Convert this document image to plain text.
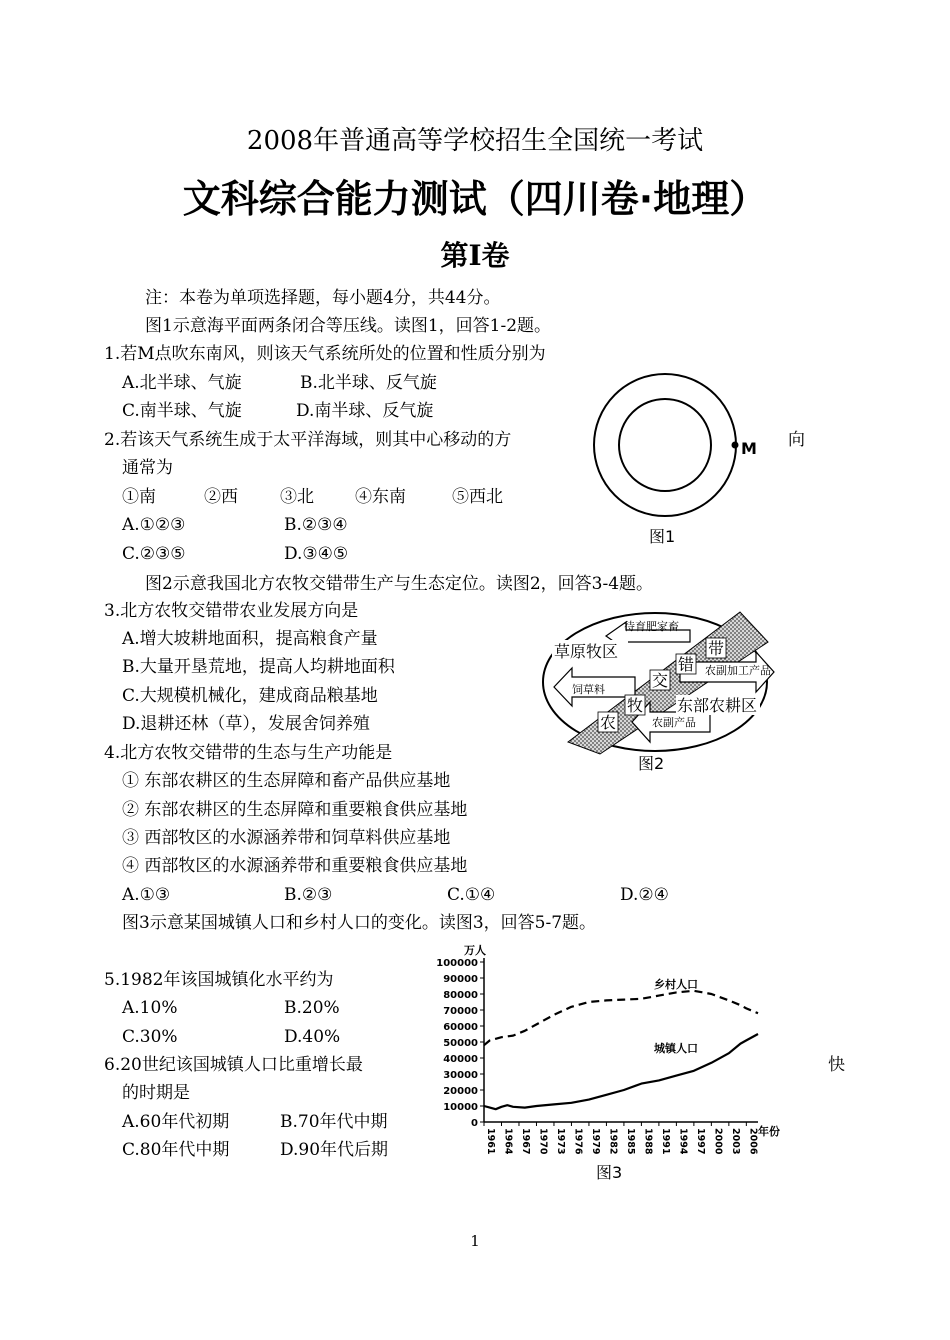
2008年普通高等学校招生全国统一考试
文科综合能力测试（四川卷·地理）
第I卷
注：本卷为单项选择题，每小题4分，共44分。
图1示意海平面两条闭合等压线。读图1，回答1-2题。
1.若M点吹东南风，则该天气系统所处的位置和性质分别为
A.北半球、气旋	B.北半球、反气旋
C.南半球、气旋	D.南半球、反气旋
2.若该天气系统生成于太平洋海域，则其中心移动的方	向
通常为
①南	②西 ③北 ④东南	⑤西北
A.①②③	B.②③④
C.②③⑤	D.③④⑤
M
图1
图2示意我国北方农牧交错带生产与生态定位。读图2，回答3-4题。
3.北方农牧交错带农业发展方向是
A.增大坡耕地面积，提高粮食产量
B.大量开垦荒地，提高人均耕地面积
C.大规模机械化，建成商品粮基地
D.退耕还林（草），发展舍饲养殖
待育肥家畜
农副加工产品
饲草料
农副产品
草原牧区
东部农耕区
农
牧
交
错
带
图2
4.北方农牧交错带的生态与生产功能是
① 东部农耕区的生态屏障和畜产品供应基地
② 东部农耕区的生态屏障和重要粮食供应基地
③ 西部牧区的水源涵养带和饲草料供应基地
④ 西部牧区的水源涵养带和重要粮食供应基地
A.①③	B.②③	C.①④	D.②④
图3示意某国城镇人口和乡村人口的变化。读图3，回答5-7题。
5.1982年该国城镇化水平约为
A.10%	B.20%
C.30%	D.40%
6.20世纪该国城镇人口比重增长最	快
的时期是
A.60年代初期	B.70年代中期
C.80年代中期	D.90年代后期
0
10000
20000
30000
40000
50000
60000
70000
80000
90000
100000
1961 1964 1967 1970 1973 1976 1979 1982 1985 1988 1991 1994 1997 2000 2003 2006
万人
年份
乡村人口
城镇人口
图3
1
